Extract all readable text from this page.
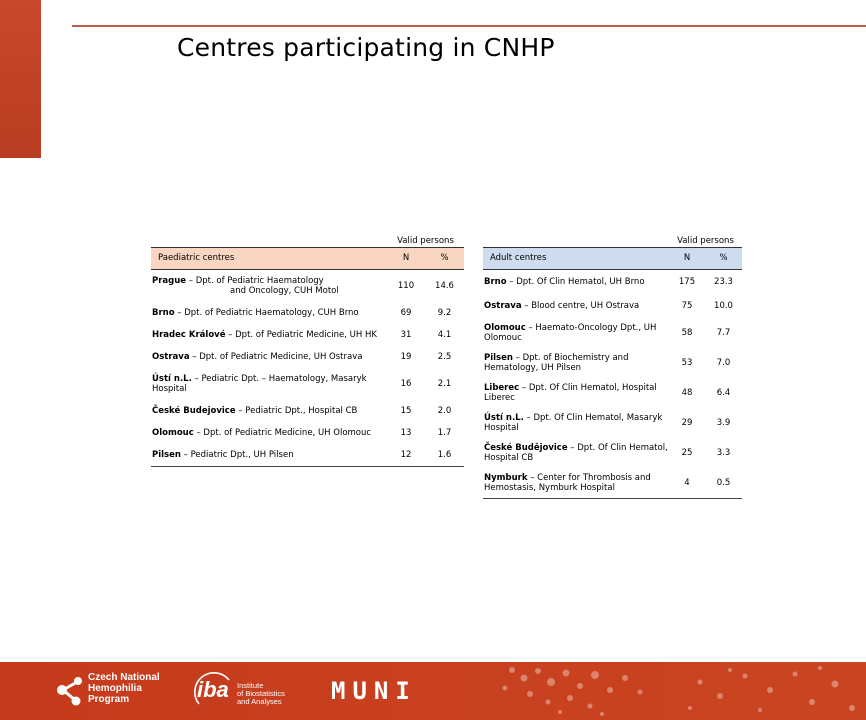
Centres participating in CNHP
	Valid persons	
Paediatric centres	N	%
Prague – Dpt. of Pediatric Haematology
and Oncology, CUH Motol	110	14.6
Brno – Dpt. of Pediatric Haematology, CUH Brno	69	9.2
Hradec Králové – Dpt. of Pediatric Medicine, UH HK	31	4.1
Ostrava – Dpt. of Pediatric Medicine, UH Ostrava	19	2.5
Ústí n.L. – Pediatric Dpt. – Haematology, Masaryk Hospital	16	2.1
České Budejovice – Pediatric Dpt., Hospital CB	15	2.0
Olomouc – Dpt. of Pediatric Medicine, UH Olomouc	13	1.7
Pilsen – Pediatric Dpt., UH Pilsen	12	1.6
	Valid persons	
Adult centres	N	%
Brno – Dpt. Of Clin Hematol, UH Brno	175	23.3
Ostrava – Blood centre, UH Ostrava	75	10.0
Olomouc – Haemato-Oncology Dpt., UH Olomouc	58	7.7
Pilsen – Dpt. of Biochemistry and Hematology, UH Pilsen	53	7.0
Liberec – Dpt. Of Clin Hematol, Hospital Liberec	48	6.4
Ústí n.L. – Dpt. Of Clin Hematol, Masaryk Hospital	29	3.9
České Budějovice – Dpt. Of Clin Hematol, Hospital CB	25	3.3
Nymburk – Center for Thrombosis and Hemostasis, Nymburk Hospital	4	0.5
Czech National
Hemophilia
Program	iba Institute
of Biostatistics
and Analyses MUNI
